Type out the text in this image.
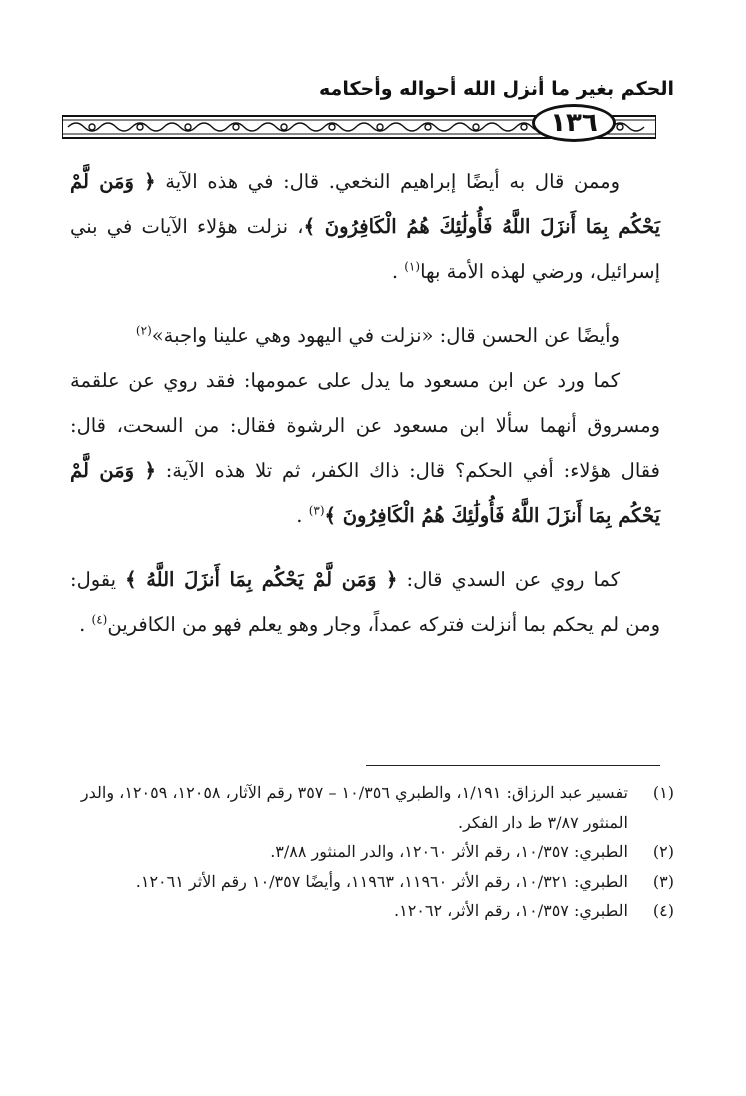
الحكم بغير ما أنزل الله أحواله وأحكامه
١٣٦

وممن قال به أيضًا إبراهيم النخعي. قال: في هذه الآية ﴿ وَمَن لَّمْ يَحْكُم بِمَا أَنزَلَ اللَّهُ فَأُولَٰئِكَ هُمُ الْكَافِرُونَ ﴾، نزلت هؤلاء الآيات في بني إسرائيل، ورضي لهذه الأمة بها$^{(١)}$ .

وأيضًا عن الحسن قال: «نزلت في اليهود وهي علينا واجبة»$^{(٢)}$

كما ورد عن ابن مسعود ما يدل على عمومها: فقد روي عن علقمة ومسروق أنهما سألا ابن مسعود عن الرشوة فقال: من السحت، قال: فقال هؤلاء: أفي الحكم؟ قال: ذاك الكفر، ثم تلا هذه الآية: ﴿ وَمَن لَّمْ يَحْكُم بِمَا أَنزَلَ اللَّهُ فَأُولَٰئِكَ هُمُ الْكَافِرُونَ ﴾$^{(٣)}$ .

كما روي عن السدي قال: ﴿ وَمَن لَّمْ يَحْكُم بِمَا أَنزَلَ اللَّهُ ﴾ يقول: ومن لم يحكم بما أنزلت فتركه عمداً، وجار وهو يعلم فهو من الكافرين$^{(٤)}$ .

(١)
تفسير عبد الرزاق: ١/١٩١، والطبري ١٠/٣٥٦ – ٣٥٧ رقم الآثار، ١٢٠٥٨، ١٢٠٥٩، والدر المنثور ٣/٨٧ ط دار الفكر.

(٢)
الطبري: ١٠/٣٥٧، رقم الأثر ١٢٠٦٠، والدر المنثور ٣/٨٨.

(٣)
الطبري: ١٠/٣٢١، رقم الأثر ١١٩٦٠، ١١٩٦٣، وأيضًا ١٠/٣٥٧ رقم الأثر ١٢٠٦١.

(٤)
الطبري: ١٠/٣٥٧، رقم الأثر، ١٢٠٦٢.
